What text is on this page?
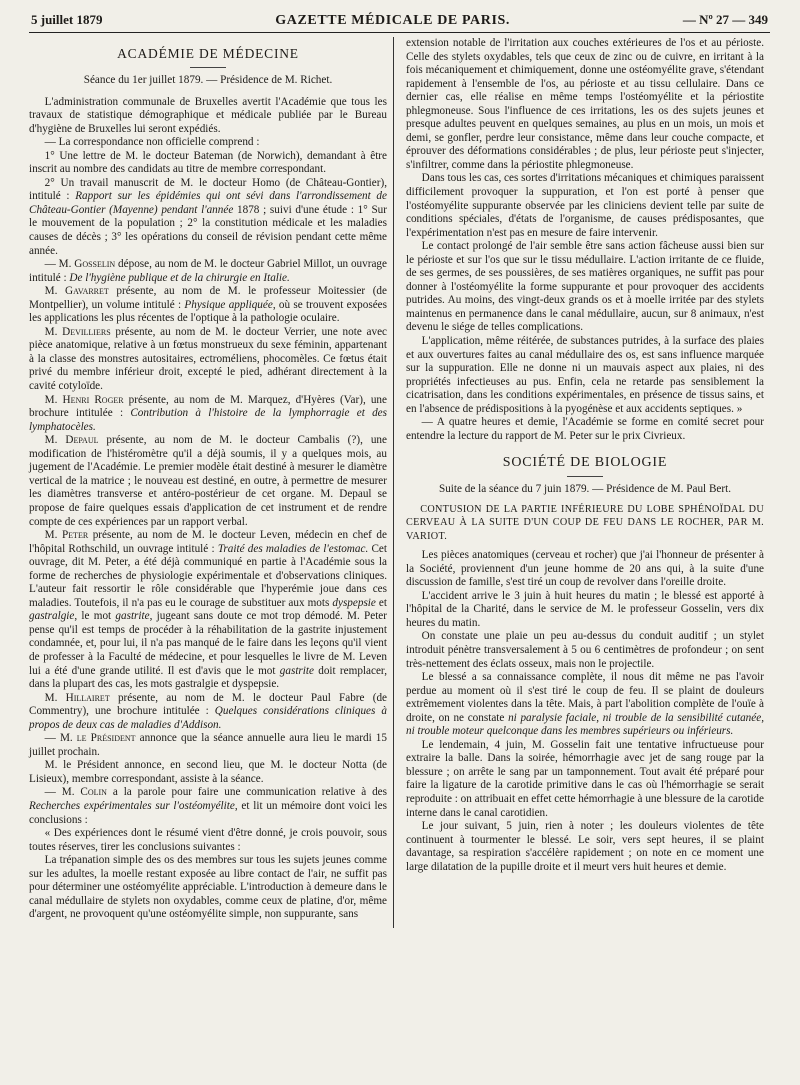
5 juillet 1879	GAZETTE MÉDICALE DE PARIS.	— Nº 27 — 349
ACADÉMIE DE MÉDECINE

Séance du 1er juillet 1879. — Présidence de M. Richet.

L'administration communale de Bruxelles avertit l'Académie que tous les travaux de statistique démographique et médicale publiée par le Bureau d'hygiène de Bruxelles lui seront expédiés.

— La correspondance non officielle comprend :

1° Une lettre de M. le docteur Bateman (de Norwich), demandant à être inscrit au nombre des candidats au titre de membre correspondant.

2° Un travail manuscrit de M. le docteur Homo (de Château-Gontier), intitulé : Rapport sur les épidémies qui ont sévi dans l'arrondissement de Château-Gontier (Mayenne) pendant l'année 1878 ; suivi d'une étude : 1° Sur le mouvement de la population ; 2° la constitution médicale et les maladies causes de décès ; 3° les opérations du conseil de révision pendant cette même année.

— M. Gosselin dépose, au nom de M. le docteur Gabriel Millot, un ouvrage intitulé : De l'hygiène publique et de la chirurgie en Italie.

M. Gavarret présente, au nom de M. le professeur Moitessier (de Montpellier), un volume intitulé : Physique appliquée, où se trouvent exposées les applications les plus récentes de l'optique à la pathologie oculaire.

M. Devilliers présente, au nom de M. le docteur Verrier, une note avec pièce anatomique, relative à un fœtus monstrueux du sexe féminin, appartenant à la classe des monstres autositaires, ectroméliens, phocomèles. Ce fœtus était privé du membre inférieur droit, excepté le pied, adhérant directement à la cavité cotyloïde.

M. Henri Roger présente, au nom de M. Marquez, d'Hyères (Var), une brochure intitulée : Contribution à l'histoire de la lymphorragie et des lymphatocèles.

M. Depaul présente, au nom de M. le docteur Cambalis (?), une modification de l'histéromètre qu'il a déjà soumis, il y a quelques mois, au jugement de l'Académie. Le premier modèle était destiné à mesurer le diamètre vertical de la matrice ; le nouveau est destiné, en outre, à permettre de mesurer les diamètres transverse et antéro-postérieur de cet organe. M. Depaul se propose de faire quelques essais d'application de cet instrument et de rendre compte de ces expériences par un rapport verbal.

M. Peter présente, au nom de M. le docteur Leven, médecin en chef de l'hôpital Rothschild, un ouvrage intitulé : Traité des maladies de l'estomac. Cet ouvrage, dit M. Peter, a été déjà communiqué en partie à l'Académie sous la forme de recherches de physiologie expérimentale et d'observations cliniques. L'auteur fait ressortir le rôle considérable que l'hyperémie joue dans ces maladies. Toutefois, il n'a pas eu le courage de substituer aux mots dyspepsie et gastralgie, le mot gastrite, jugeant sans doute ce mot trop démodé. M. Peter pense qu'il est temps de procéder à la réhabilitation de la gastrite injustement condamnée, et, pour lui, il n'a pas manqué de le faire dans les leçons qu'il vient de professer à la Faculté de médecine, et pour lesquelles le livre de M. Leven lui a été d'une grande utilité. Il est d'avis que le mot gastrite doit remplacer, dans la plupart des cas, les mots gastralgie et dyspepsie.

M. Hillairet présente, au nom de M. le docteur Paul Fabre (de Commentry), une brochure intitulée : Quelques considérations cliniques à propos de deux cas de maladies d'Addison.

— M. le Président annonce que la séance annuelle aura lieu le mardi 15 juillet prochain.

M. le Président annonce, en second lieu, que M. le docteur Notta (de Lisieux), membre correspondant, assiste à la séance.

— M. Colin a la parole pour faire une communication relative à des Recherches expérimentales sur l'ostéomyélite, et lit un mémoire dont voici les conclusions :

« Des expériences dont le résumé vient d'être donné, je crois pouvoir, sous toutes réserves, tirer les conclusions suivantes :

La trépanation simple des os des membres sur tous les sujets jeunes comme sur les adultes, la moelle restant exposée au libre contact de l'air, ne suffit pas pour déterminer une ostéomyélite appréciable. L'introduction à demeure dans le canal médullaire de stylets non oxydables, comme ceux de platine, d'or, même d'argent, ne provoquent qu'une ostéomyélite simple, non suppurante, sans

extension notable de l'irritation aux couches extérieures de l'os et au périoste. Celle des stylets oxydables, tels que ceux de zinc ou de cuivre, en irritant à la fois mécaniquement et chimiquement, donne une ostéomyélite grave, s'étendant rapidement à l'ensemble de l'os, au périoste et au tissu cellulaire. Dans ce dernier cas, elle réalise en même temps l'ostéomyélite et la périostite phlegmoneuse. Sous l'influence de ces irritations, les os des sujets jeunes et presque adultes peuvent en quelques semaines, au plus en un mois, un mois et demi, se gonfler, perdre leur consistance, même dans leur couche compacte, et éprouver des déformations considérables ; de plus, leur périoste peut s'injecter, s'infiltrer, comme dans la périostite phlegmoneuse.

Dans tous les cas, ces sortes d'irritations mécaniques et chimiques paraissent difficilement provoquer la suppuration, et l'on est porté à penser que l'ostéomyélite suppurante observée par les cliniciens devient telle par suite de conditions spéciales, d'états de l'organisme, de causes prédisposantes, que l'expérimentation n'est pas en mesure de faire intervenir.

Le contact prolongé de l'air semble être sans action fâcheuse aussi bien sur le périoste et sur l'os que sur le tissu médullaire. L'action irritante de ce fluide, de ses germes, de ses poussières, de ses matières organiques, ne suffit pas pour donner à l'ostéomyélite la forme suppurante et pour provoquer des accidents putrides. Au moins, des vingt-deux grands os et à moelle irritée par des stylets maintenus en permanence dans le canal médullaire, aucun, sur 8 animaux, n'est devenu le siége de telles complications.

L'application, même réitérée, de substances putrides, à la surface des plaies et aux ouvertures faites au canal médullaire des os, est sans influence marquée sur la suppuration. Elle ne donne ni un mauvais aspect aux plaies, ni des propriétés infectieuses au pus. Enfin, cela ne retarde pas sensiblement la cicatrisation, dans les conditions expérimentales, en présence de tissus sains, et en l'absence de prédispositions à la pyogénèse et aux accidents septiques. »

— A quatre heures et demie, l'Académie se forme en comité secret pour entendre la lecture du rapport de M. Peter sur le prix Civrieux.

SOCIÉTÉ DE BIOLOGIE

Suite de la séance du 7 juin 1879. — Présidence de M. Paul Bert.

CONTUSION DE LA PARTIE INFÉRIEURE DU LOBE SPHÉNOÏDAL DU CERVEAU À LA SUITE D'UN COUP DE FEU DANS LE ROCHER, PAR M. VARIOT.

Les pièces anatomiques (cerveau et rocher) que j'ai l'honneur de présenter à la Société, proviennent d'un jeune homme de 20 ans qui, à la suite d'une discussion de famille, s'est tiré un coup de revolver dans l'oreille droite.

L'accident arrive le 3 juin à huit heures du matin ; le blessé est apporté à l'hôpital de la Charité, dans le service de M. le professeur Gosselin, vers dix heures du matin.

On constate une plaie un peu au-dessus du conduit auditif ; un stylet introduit pénètre transversalement à 5 ou 6 centimètres de profondeur ; on sent très-nettement des éclats osseux, mais non le projectile.

Le blessé a sa connaissance complète, il nous dit même ne pas l'avoir perdue au moment où il s'est tiré le coup de feu. Il se plaint de douleurs extrêmement violentes dans la tête. Mais, à part l'abolition complète de l'ouïe à droite, on ne constate ni paralysie faciale, ni trouble de la sensibilité cutanée, ni trouble moteur quelconque dans les membres supérieurs ou inférieurs.

Le lendemain, 4 juin, M. Gosselin fait une tentative infructueuse pour extraire la balle. Dans la soirée, hémorrhagie avec jet de sang rouge par la blessure ; on arrête le sang par un tamponnement. Tout avait été préparé pour faire la ligature de la carotide primitive dans le cas où l'hémorrhagie se serait reproduite : on attribuait en effet cette hémorrhagie à une blessure de la carotide interne dans le canal carotidien.

Le jour suivant, 5 juin, rien à noter ; les douleurs violentes de tête continuent à tourmenter le blessé. Le soir, vers sept heures, il se plaint davantage, sa respiration s'accélère rapidement ; on note en ce moment une large dilatation de la pupille droite et il meurt vers huit heures et demie.
